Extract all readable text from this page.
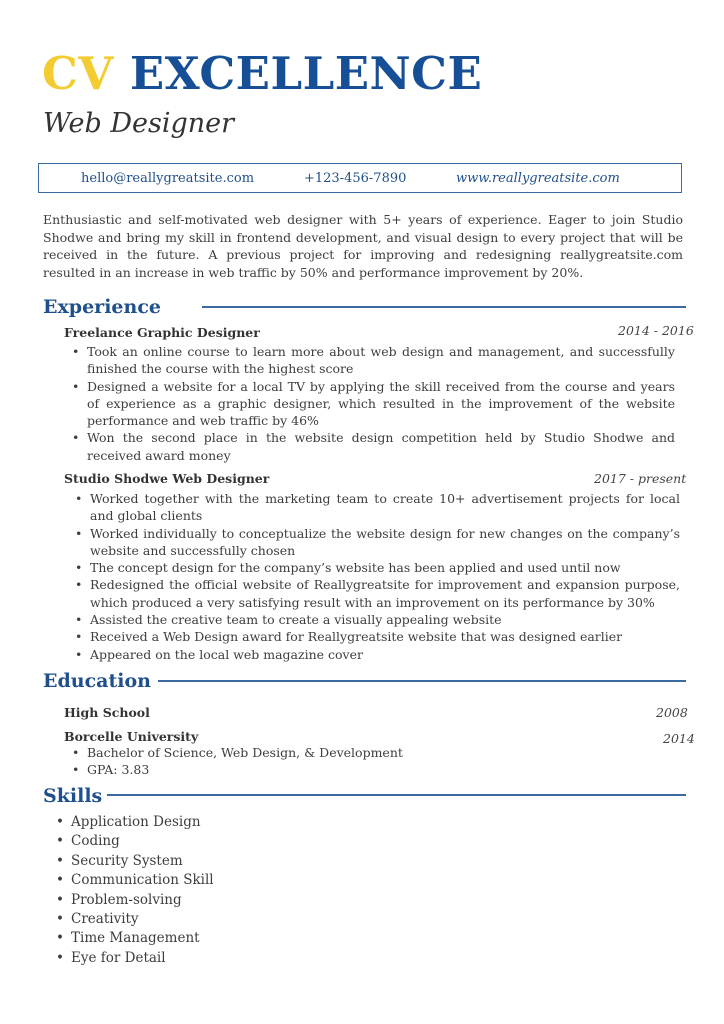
CV EXCELLENCE
Web Designer
hello@reallygreatsite.com	+123-456-7890	www.reallygreatsite.com
Enthusiastic and self-motivated web designer with 5+ years of experience. Eager to join Studio Shodwe and bring my skill in frontend development, and visual design to every project that will be received in the future. A previous project for improving and redesigning reallygreatsite.com resulted in an increase in web traffic by 50% and performance improvement by 20%.
Experience
Freelance Graphic Designer	2014 - 2016
• Took an online course to learn more about web design and management, and successfully finished the course with the highest score
• Designed a website for a local TV by applying the skill received from the course and years of experience as a graphic designer, which resulted in the improvement of the website performance and web traffic by 46%
• Won the second place in the website design competition held by Studio Shodwe and received award money
Studio Shodwe Web Designer	2017 - present
• Worked together with the marketing team to create 10+ advertisement projects for local and global clients
• Worked individually to conceptualize the website design for new changes on the company’s website and successfully chosen
• The concept design for the company’s website has been applied and used until now
• Redesigned the official website of Reallygreatsite for improvement and expansion purpose, which produced a very satisfying result with an improvement on its performance by 30%
• Assisted the creative team to create a visually appealing website
• Received a Web Design award for Reallygreatsite website that was designed earlier
• Appeared on the local web magazine cover
Education
High School	2008
Borcelle University	2014
• Bachelor of Science, Web Design, & Development
• GPA: 3.83
Skills
• Application Design
• Coding
• Security System
• Communication Skill
• Problem-solving
• Creativity
• Time Management
• Eye for Detail
